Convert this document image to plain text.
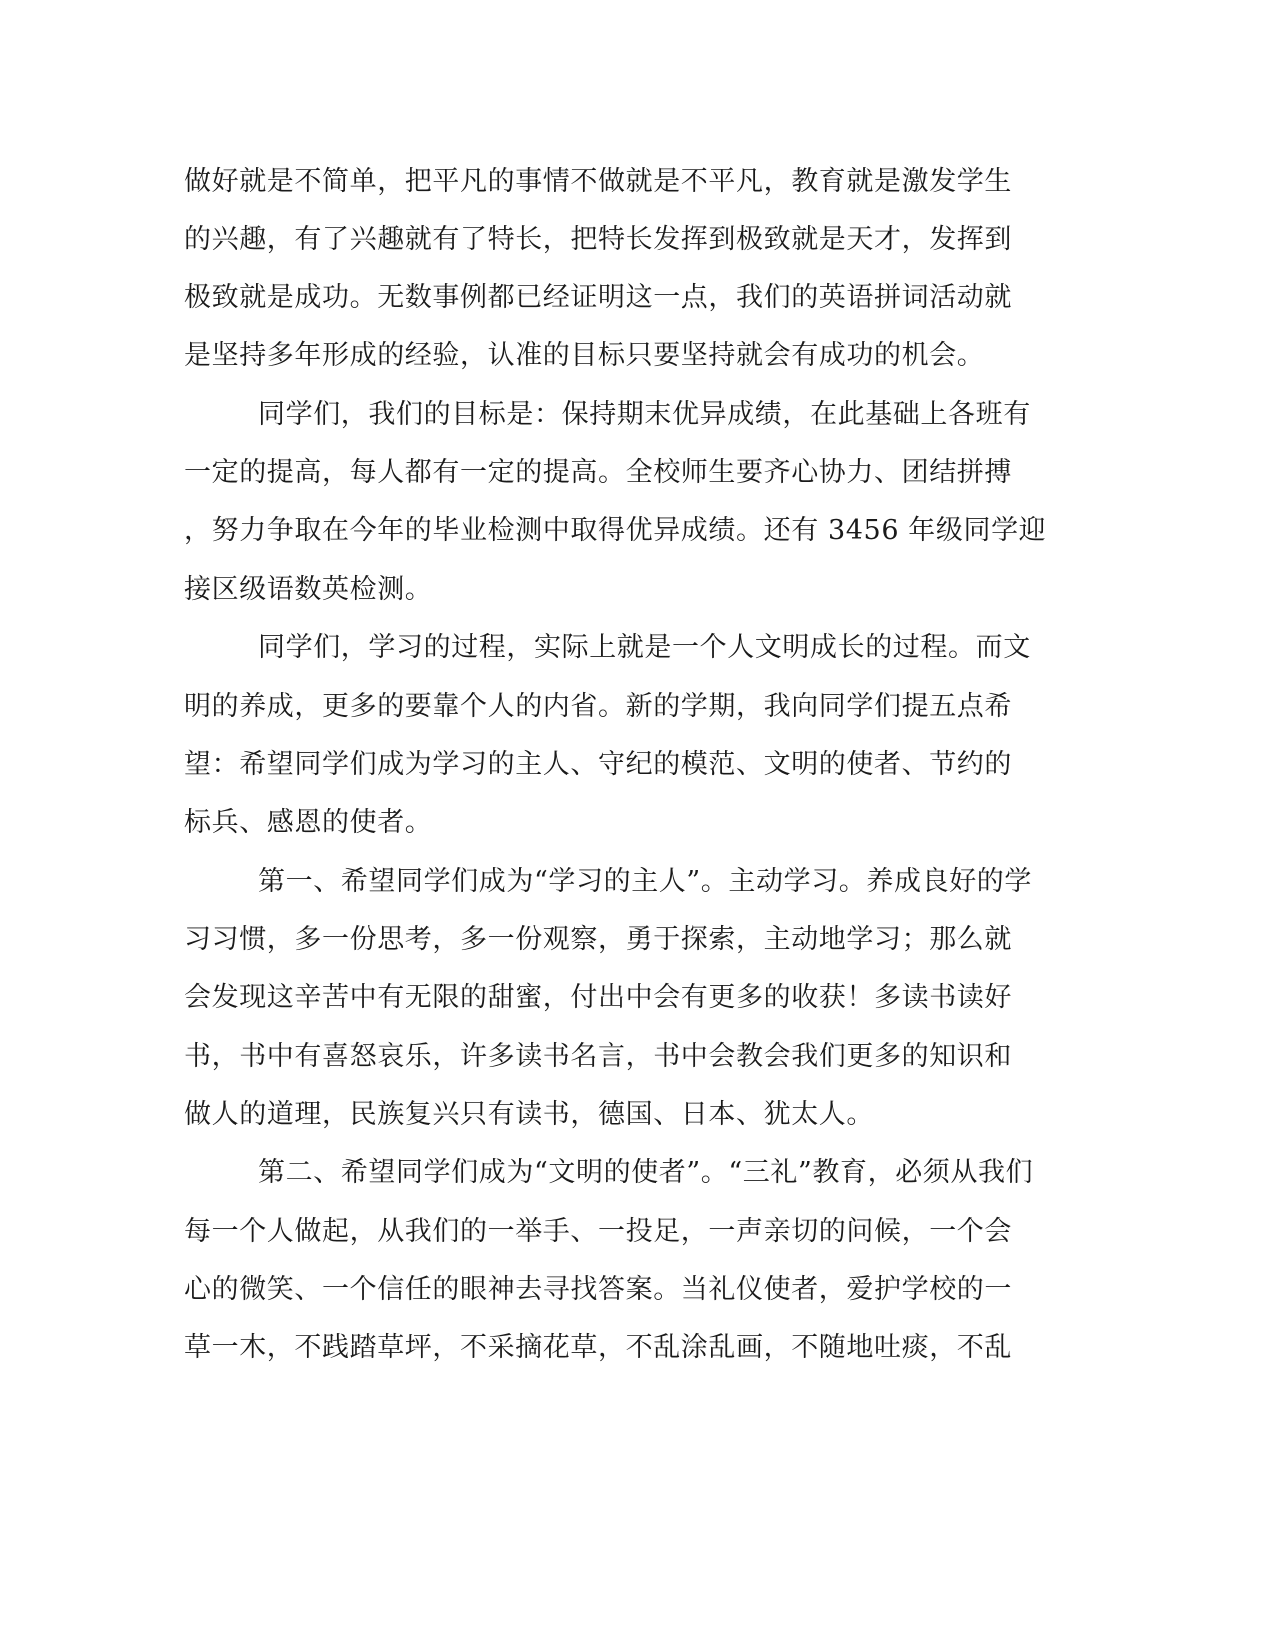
做好就是不简单，把平凡的事情不做就是不平凡，教育就是激发学生
的兴趣，有了兴趣就有了特长，把特长发挥到极致就是天才，发挥到
极致就是成功。无数事例都已经证明这一点，我们的英语拼词活动就
是坚持多年形成的经验，认准的目标只要坚持就会有成功的机会。
同学们，我们的目标是：保持期末优异成绩，在此基础上各班有
一定的提高，每人都有一定的提高。全校师生要齐心协力、团结拼搏
，努力争取在今年的毕业检测中取得优异成绩。还有 3456 年级同学迎
接区级语数英检测。
同学们，学习的过程，实际上就是一个人文明成长的过程。而文
明的养成，更多的要靠个人的内省。新的学期，我向同学们提五点希
望：希望同学们成为学习的主人、守纪的模范、文明的使者、节约的
标兵、感恩的使者。
第一、希望同学们成为“学习的主人”。主动学习。养成良好的学
习习惯，多一份思考，多一份观察，勇于探索，主动地学习；那么就
会发现这辛苦中有无限的甜蜜，付出中会有更多的收获！多读书读好
书，书中有喜怒哀乐，许多读书名言，书中会教会我们更多的知识和
做人的道理，民族复兴只有读书，德国、日本、犹太人。
第二、希望同学们成为“文明的使者”。“三礼”教育，必须从我们
每一个人做起，从我们的一举手、一投足，一声亲切的问候，一个会
心的微笑、一个信任的眼神去寻找答案。当礼仪使者，爱护学校的一
草一木，不践踏草坪，不采摘花草，不乱涂乱画，不随地吐痰，不乱
